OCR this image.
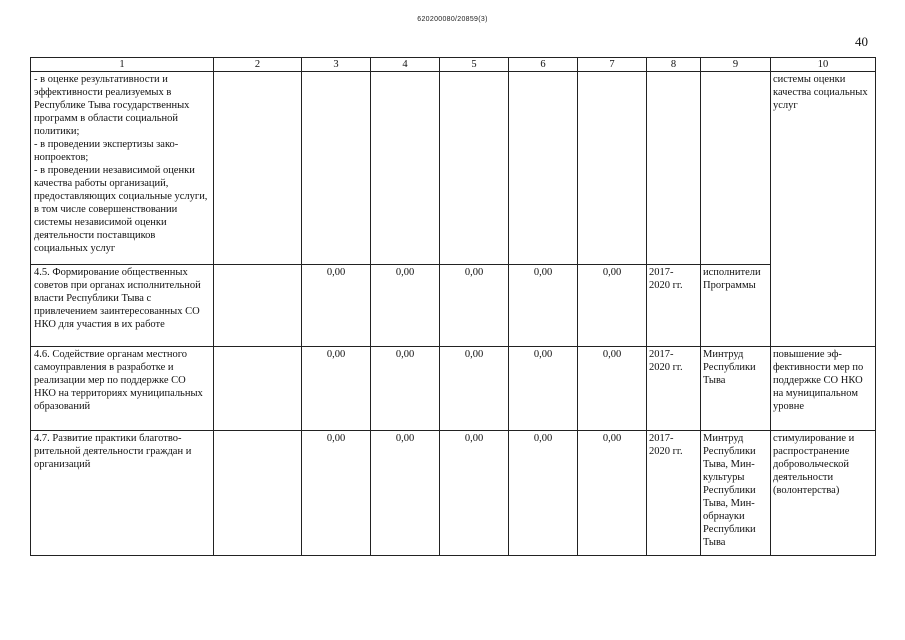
620200080/20859(3)
40
1	2	3	4	5	6	7	8	9	10
- в оценке результативности и эффективности реализуемых в Республике Тыва государственных программ в области социальной политики;
- в проведении экспертизы законопроектов;
- в проведении независимой оценки качества работы организаций, предоставляющих социальные услуги, в том числе совершенствовании системы независимой оценки деятельности поставщиков социальных услуг									системы оценки качества социальных услуг
4.5. Формирование общественных советов при органах исполнительной власти Республики Тыва с привлечением заинтересованных СО НКО для участия в их работе		0,00	0,00	0,00	0,00	0,00	2017-
2020 гг.	исполнители Программы	
4.6. Содействие органам местного самоуправления в разработке и реализации мер по поддержке СО НКО на территориях муниципальных образований		0,00	0,00	0,00	0,00	0,00	2017-
2020 гг.	Минтруд Республики Тыва	повышение эффективности мер по поддержке СО НКО на муниципальном уровне
4.7. Развитие практики благотворительной деятельности граждан и организаций		0,00	0,00	0,00	0,00	0,00	2017-
2020 гг.	Минтруд Республики Тыва, Минкультуры Республики Тыва, Минобрнауки Республики Тыва	стимулирование и распространение добровольческой деятельности (волонтерства)
